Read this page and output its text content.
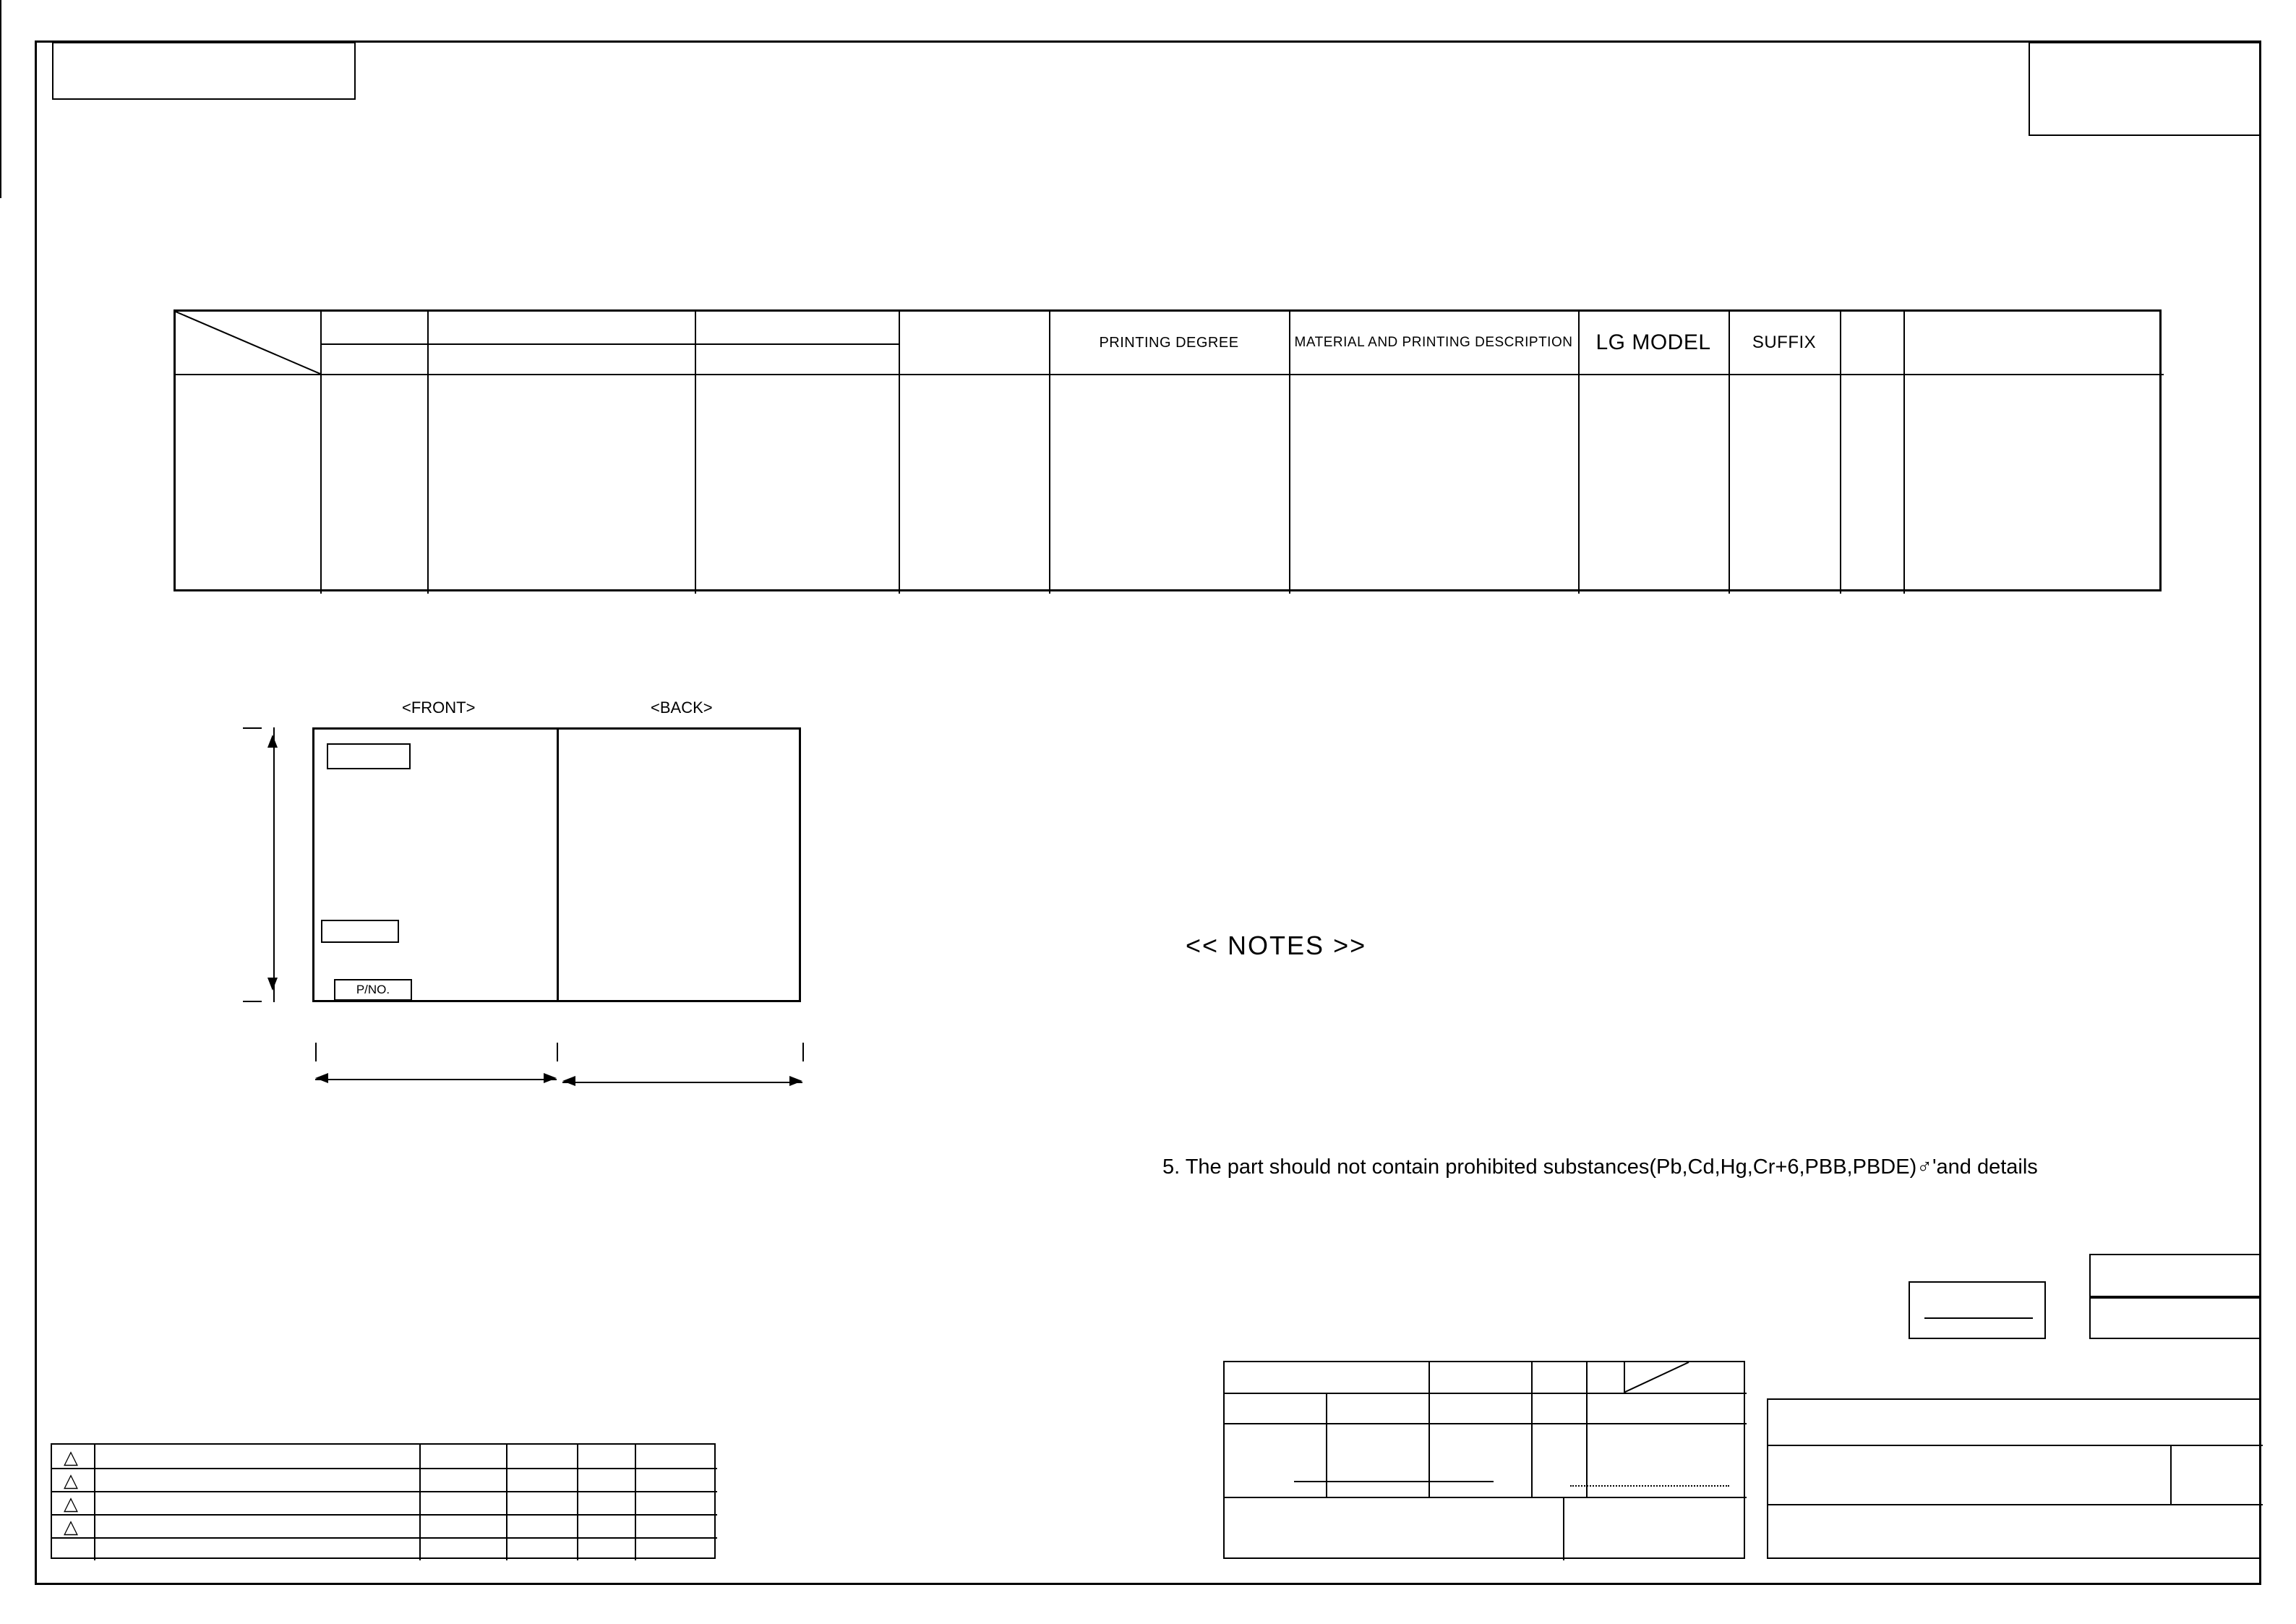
PRINTING DEGREE	MATERIAL AND PRINTING DESCRIPTION	LG MODEL	SUFFIX
<FRONT>	<BACK>
P/NO.
<< NOTES >>
5. The part should not contain prohibited substances(Pb,Cd,Hg,Cr+6,PBB,PBDE)♂'and details
△
△
△
△
